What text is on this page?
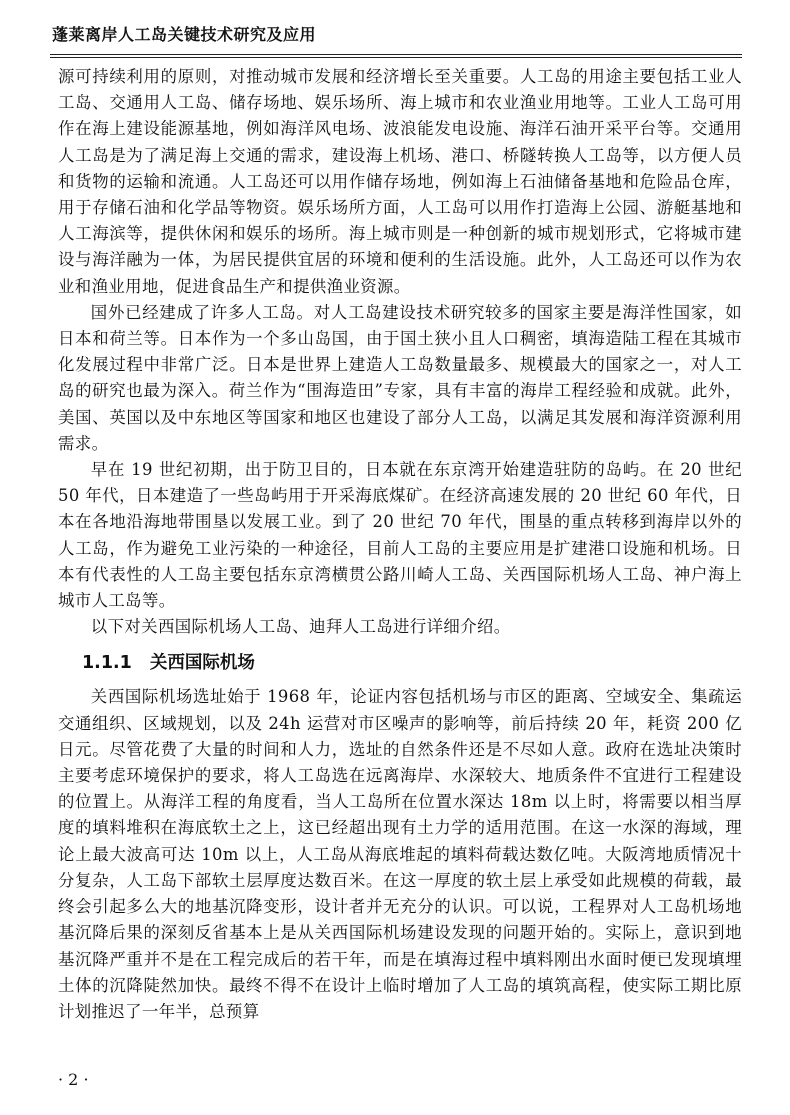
蓬莱离岸人工岛关键技术研究及应用

源可持续利用的原则，对推动城市发展和经济增长至关重要。人工岛的用途主要包括工业人工岛、交通用人工岛、储存场地、娱乐场所、海上城市和农业渔业用地等。工业人工岛可用作在海上建设能源基地，例如海洋风电场、波浪能发电设施、海洋石油开采平台等。交通用人工岛是为了满足海上交通的需求，建设海上机场、港口、桥隧转换人工岛等，以方便人员和货物的运输和流通。人工岛还可以用作储存场地，例如海上石油储备基地和危险品仓库，用于存储石油和化学品等物资。娱乐场所方面，人工岛可以用作打造海上公园、游艇基地和人工海滨等，提供休闲和娱乐的场所。海上城市则是一种创新的城市规划形式，它将城市建设与海洋融为一体，为居民提供宜居的环境和便利的生活设施。此外，人工岛还可以作为农业和渔业用地，促进食品生产和提供渔业资源。

国外已经建成了许多人工岛。对人工岛建设技术研究较多的国家主要是海洋性国家，如日本和荷兰等。日本作为一个多山岛国，由于国土狭小且人口稠密，填海造陆工程在其城市化发展过程中非常广泛。日本是世界上建造人工岛数量最多、规模最大的国家之一，对人工岛的研究也最为深入。荷兰作为“围海造田”专家，具有丰富的海岸工程经验和成就。此外，美国、英国以及中东地区等国家和地区也建设了部分人工岛，以满足其发展和海洋资源利用需求。

早在 19 世纪初期，出于防卫目的，日本就在东京湾开始建造驻防的岛屿。在 20 世纪 50 年代，日本建造了一些岛屿用于开采海底煤矿。在经济高速发展的 20 世纪 60 年代，日本在各地沿海地带围垦以发展工业。到了 20 世纪 70 年代，围垦的重点转移到海岸以外的人工岛，作为避免工业污染的一种途径，目前人工岛的主要应用是扩建港口设施和机场。日本有代表性的人工岛主要包括东京湾横贯公路川崎人工岛、关西国际机场人工岛、神户海上城市人工岛等。

以下对关西国际机场人工岛、迪拜人工岛进行详细介绍。

1.1.1 关西国际机场

关西国际机场选址始于 1968 年，论证内容包括机场与市区的距离、空域安全、集疏运交通组织、区域规划，以及 24h 运营对市区噪声的影响等，前后持续 20 年，耗资 200 亿日元。尽管花费了大量的时间和人力，选址的自然条件还是不尽如人意。政府在选址决策时主要考虑环境保护的要求，将人工岛选在远离海岸、水深较大、地质条件不宜进行工程建设的位置上。从海洋工程的角度看，当人工岛所在位置水深达 18m 以上时，将需要以相当厚度的填料堆积在海底软土之上，这已经超出现有土力学的适用范围。在这一水深的海域，理论上最大波高可达 10m 以上，人工岛从海底堆起的填料荷载达数亿吨。大阪湾地质情况十分复杂，人工岛下部软土层厚度达数百米。在这一厚度的软土层上承受如此规模的荷载，最终会引起多么大的地基沉降变形，设计者并无充分的认识。可以说，工程界对人工岛机场地基沉降后果的深刻反省基本上是从关西国际机场建设发现的问题开始的。实际上，意识到地基沉降严重并不是在工程完成后的若干年，而是在填海过程中填料刚出水面时便已发现填埋土体的沉降陡然加快。最终不得不在设计上临时增加了人工岛的填筑高程，使实际工期比原计划推迟了一年半，总预算

· 2 ·
